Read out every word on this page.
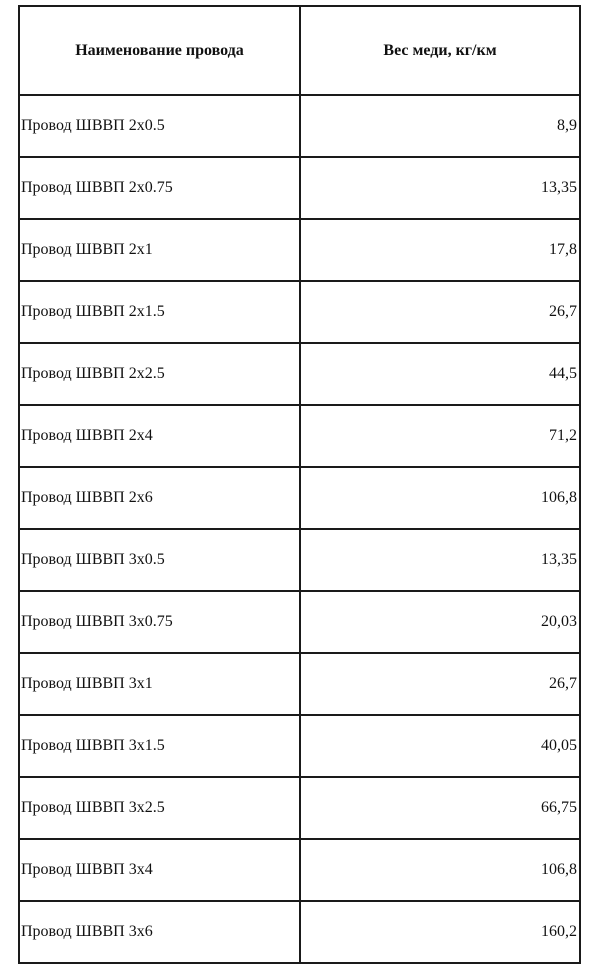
Наименование провода	Вес меди, кг/км
Провод ШВВП 2х0.5	8,9
Провод ШВВП 2х0.75	13,35
Провод ШВВП 2х1	17,8
Провод ШВВП 2х1.5	26,7
Провод ШВВП 2х2.5	44,5
Провод ШВВП 2х4	71,2
Провод ШВВП 2х6	106,8
Провод ШВВП 3х0.5	13,35
Провод ШВВП 3х0.75	20,03
Провод ШВВП 3х1	26,7
Провод ШВВП 3х1.5	40,05
Провод ШВВП 3х2.5	66,75
Провод ШВВП 3х4	106,8
Провод ШВВП 3х6	160,2
